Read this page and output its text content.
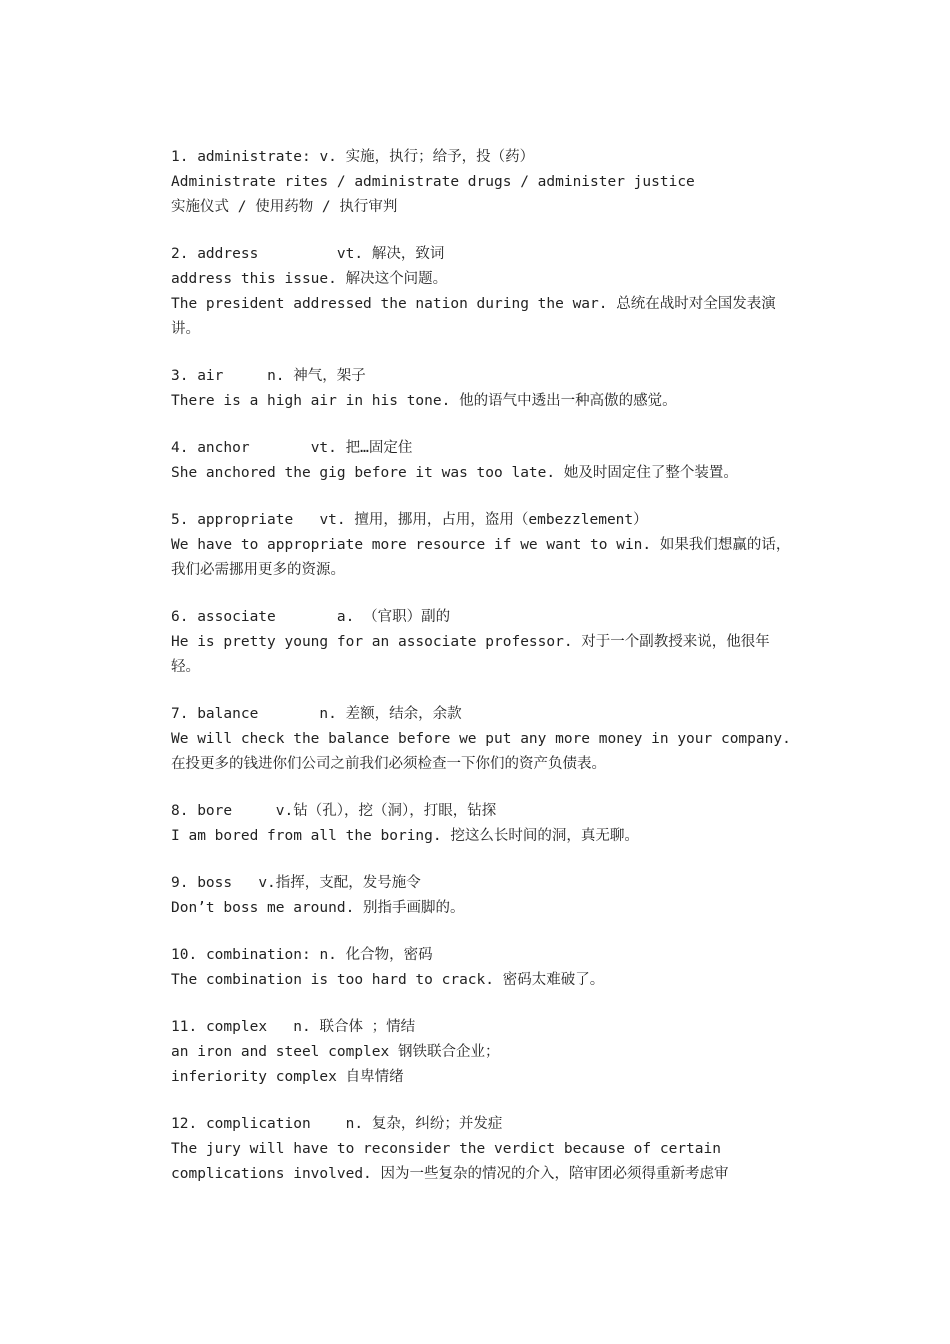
1. administrate: v. 实施，执行；给予，投（药）
Administrate rites / administrate drugs / administer justice
实施仪式 / 使用药物 / 执行审判
2. address	vt. 解决，致词
address this issue. 解决这个问题。
The president addressed the nation during the war. 总统在战时对全国发表演讲。
3. air	n. 神气，架子
There is a high air in his tone. 他的语气中透出一种高傲的感觉。
4. anchor	vt. 把…固定住
She anchored the gig before it was too late. 她及时固定住了整个装置。
5. appropriate vt. 擅用，挪用，占用，盗用（embezzlement）
We have to appropriate more resource if we want to win. 如果我们想赢的话，我们必需挪用更多的资源。
6. associate	a. （官职）副的
He is pretty young for an associate professor. 对于一个副教授来说，他很年轻。
7. balance	n. 差额，结余，余款
We will check the balance before we put any more money in your company.
在投更多的钱进你们公司之前我们必须检查一下你们的资产负债表。
8. bore	v.钻（孔），挖（洞），打眼，钻探
I am bored from all the boring. 挖这么长时间的洞，真无聊。
9. boss v.指挥，支配，发号施令
Don’t boss me around. 别指手画脚的。
10. combination: n. 化合物，密码
The combination is too hard to crack. 密码太难破了。
11. complex n. 联合体 ；情结
an iron and steel complex 钢铁联合企业；
inferiority complex 自卑情绪
12. complication n. 复杂，纠纷；并发症
The jury will have to reconsider the verdict because of certain
complications involved. 因为一些复杂的情况的介入，陪审团必须得重新考虑审
